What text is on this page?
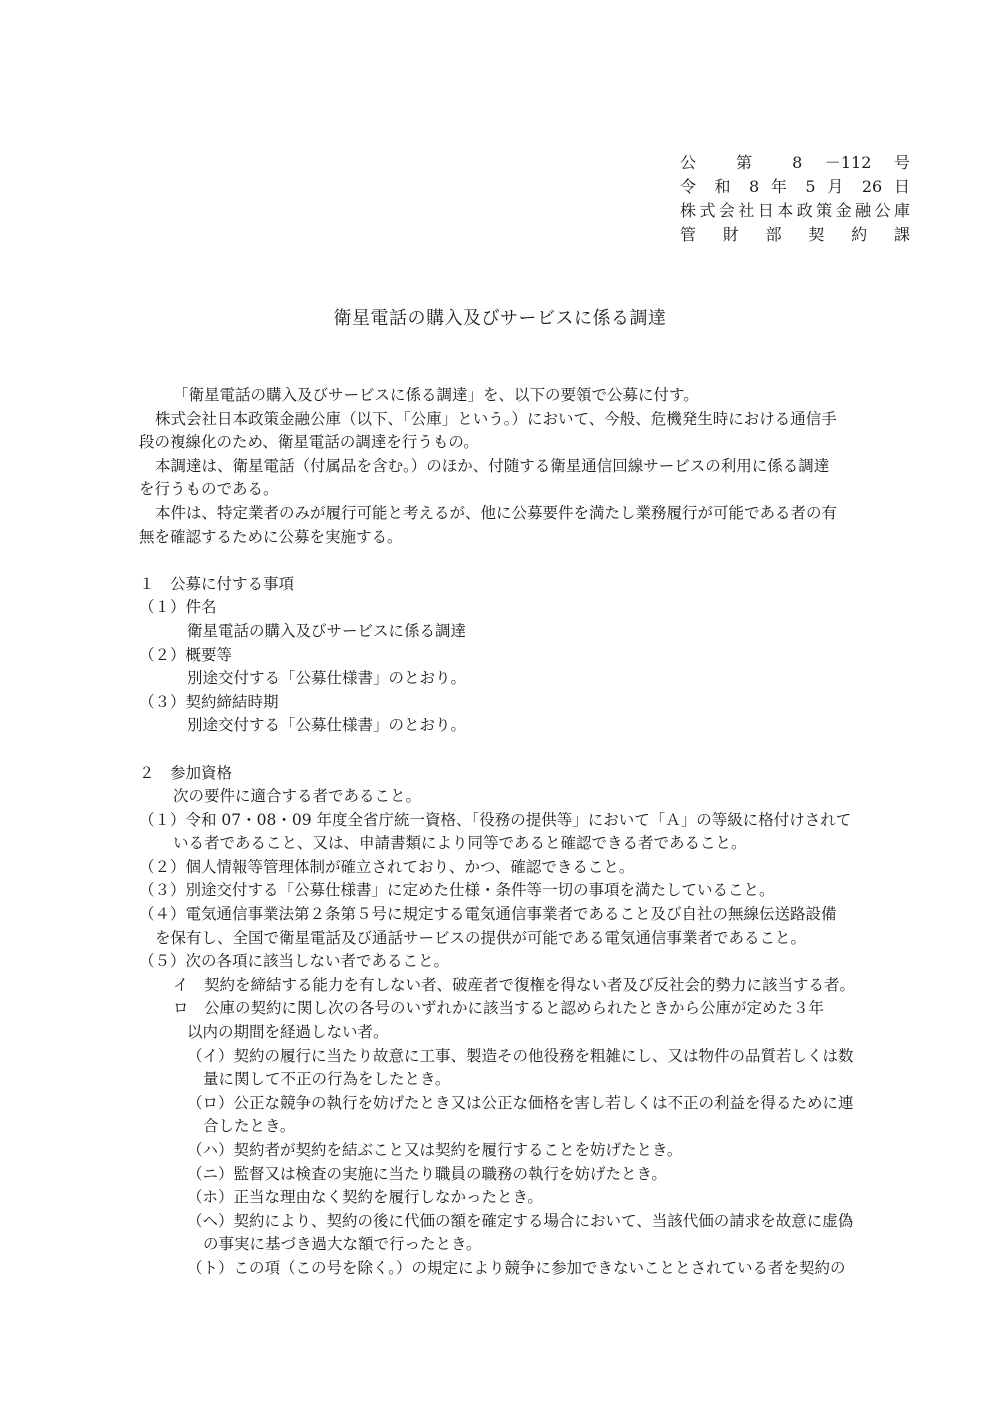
公 第 8 －112 号
令 和 8 年 5 月 26 日
株式会社日本政策金融公庫
管 財 部 契 約 課
衛星電話の購入及びサービスに係る調達
「衛星電話の購入及びサービスに係る調達」を、以下の要領で公募に付す。
株式会社日本政策金融公庫（以下、「公庫」という。）において、今般、危機発生時における通信手
段の複線化のため、衛星電話の調達を行うもの。
本調達は、衛星電話（付属品を含む。）のほか、付随する衛星通信回線サービスの利用に係る調達
を行うものである。
本件は、特定業者のみが履行可能と考えるが、他に公募要件を満たし業務履行が可能である者の有
無を確認するために公募を実施する。
１　公募に付する事項
（１）件名
衛星電話の購入及びサービスに係る調達
（２）概要等
別途交付する「公募仕様書」のとおり。
（３）契約締結時期
別途交付する「公募仕様書」のとおり。
２　参加資格
次の要件に適合する者であること。
（１）令和 07・08・09 年度全省庁統一資格、「役務の提供等」において「Ａ」の等級に格付けされて
いる者であること、又は、申請書類により同等であると確認できる者であること。
（２）個人情報等管理体制が確立されており、かつ、確認できること。
（３）別途交付する「公募仕様書」に定めた仕様・条件等一切の事項を満たしていること。
（４）電気通信事業法第２条第５号に規定する電気通信事業者であること及び自社の無線伝送路設備
を保有し、全国で衛星電話及び通話サービスの提供が可能である電気通信事業者であること。
（５）次の各項に該当しない者であること。
イ　契約を締結する能力を有しない者、破産者で復権を得ない者及び反社会的勢力に該当する者。
ロ　公庫の契約に関し次の各号のいずれかに該当すると認められたときから公庫が定めた３年
以内の期間を経過しない者。
（イ）契約の履行に当たり故意に工事、製造その他役務を粗雑にし、又は物件の品質若しくは数
量に関して不正の行為をしたとき。
（ロ）公正な競争の執行を妨げたとき又は公正な価格を害し若しくは不正の利益を得るために連
合したとき。
（ハ）契約者が契約を結ぶこと又は契約を履行することを妨げたとき。
（ニ）監督又は検査の実施に当たり職員の職務の執行を妨げたとき。
（ホ）正当な理由なく契約を履行しなかったとき。
（ヘ）契約により、契約の後に代価の額を確定する場合において、当該代価の請求を故意に虚偽
の事実に基づき過大な額で行ったとき。
（ト）この項（この号を除く。）の規定により競争に参加できないこととされている者を契約の
